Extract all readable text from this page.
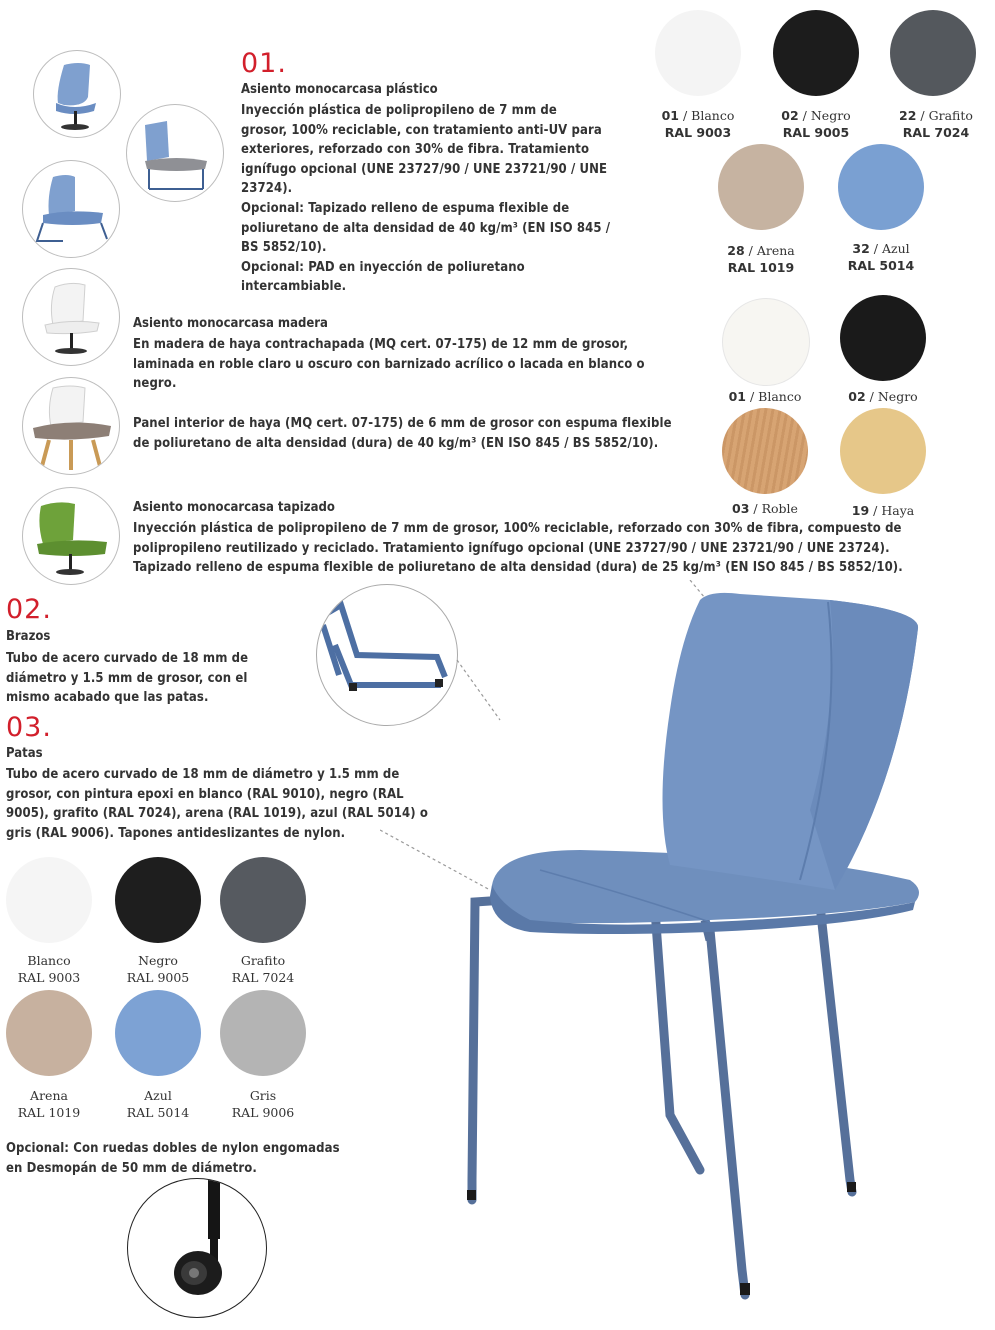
01.
Asiento monocarcasa plástico
Inyección plástica de polipropileno de 7 mm de
grosor, 100% reciclable, con tratamiento anti-UV para
exteriores, reforzado con 30% de fibra. Tratamiento
ignífugo opcional (UNE 23727/90 / UNE 23721/90 / UNE
23724).
Opcional: Tapizado relleno de espuma flexible de
poliuretano de alta densidad de 40 kg/m³ (EN ISO 845 /
BS 5852/10).
Opcional: PAD en inyección de poliuretano
intercambiable.
Asiento monocarcasa madera
En madera de haya contrachapada (MQ cert. 07-175) de 12 mm de grosor,
laminada en roble claro u oscuro con barnizado acrílico o lacada en blanco o
negro.
Panel interior de haya (MQ cert. 07-175) de 6 mm de grosor con espuma flexible
de poliuretano de alta densidad (dura) de 40 kg/m³ (EN ISO 845 / BS 5852/10).
Asiento monocarcasa tapizado
Inyección plástica de polipropileno de 7 mm de grosor, 100% reciclable, reforzado con 30% de fibra, compuesto de
polipropileno reutilizado y reciclado. Tratamiento ignífugo opcional (UNE 23727/90 / UNE 23721/90 / UNE 23724).
Tapizado relleno de espuma flexible de poliuretano de alta densidad (dura) de 25 kg/m³ (EN ISO 845 / BS 5852/10).
01 / Blanco
RAL 9003
02 / Negro
RAL 9005
22 / Grafito
RAL 7024
28 / Arena
RAL 1019
32 / Azul
RAL 5014
01 / Blanco	02 / Negro
03 / Roble	19 / Haya
02.
Brazos
Tubo de acero curvado de 18 mm de
diámetro y 1.5 mm de grosor, con el
mismo acabado que las patas.
03.
Patas
Tubo de acero curvado de 18 mm de diámetro y 1.5 mm de
grosor, con pintura epoxi en blanco (RAL 9010), negro (RAL
9005), grafito (RAL 7024), arena (RAL 1019), azul (RAL 5014) o
gris (RAL 9006). Tapones antideslizantes de nylon.
Blanco
RAL 9003
Negro
RAL 9005
Grafito
RAL 7024
Arena
RAL 1019
Azul
RAL 5014
Gris
RAL 9006
Opcional: Con ruedas dobles de nylon engomadas
en Desmopán de 50 mm de diámetro.
